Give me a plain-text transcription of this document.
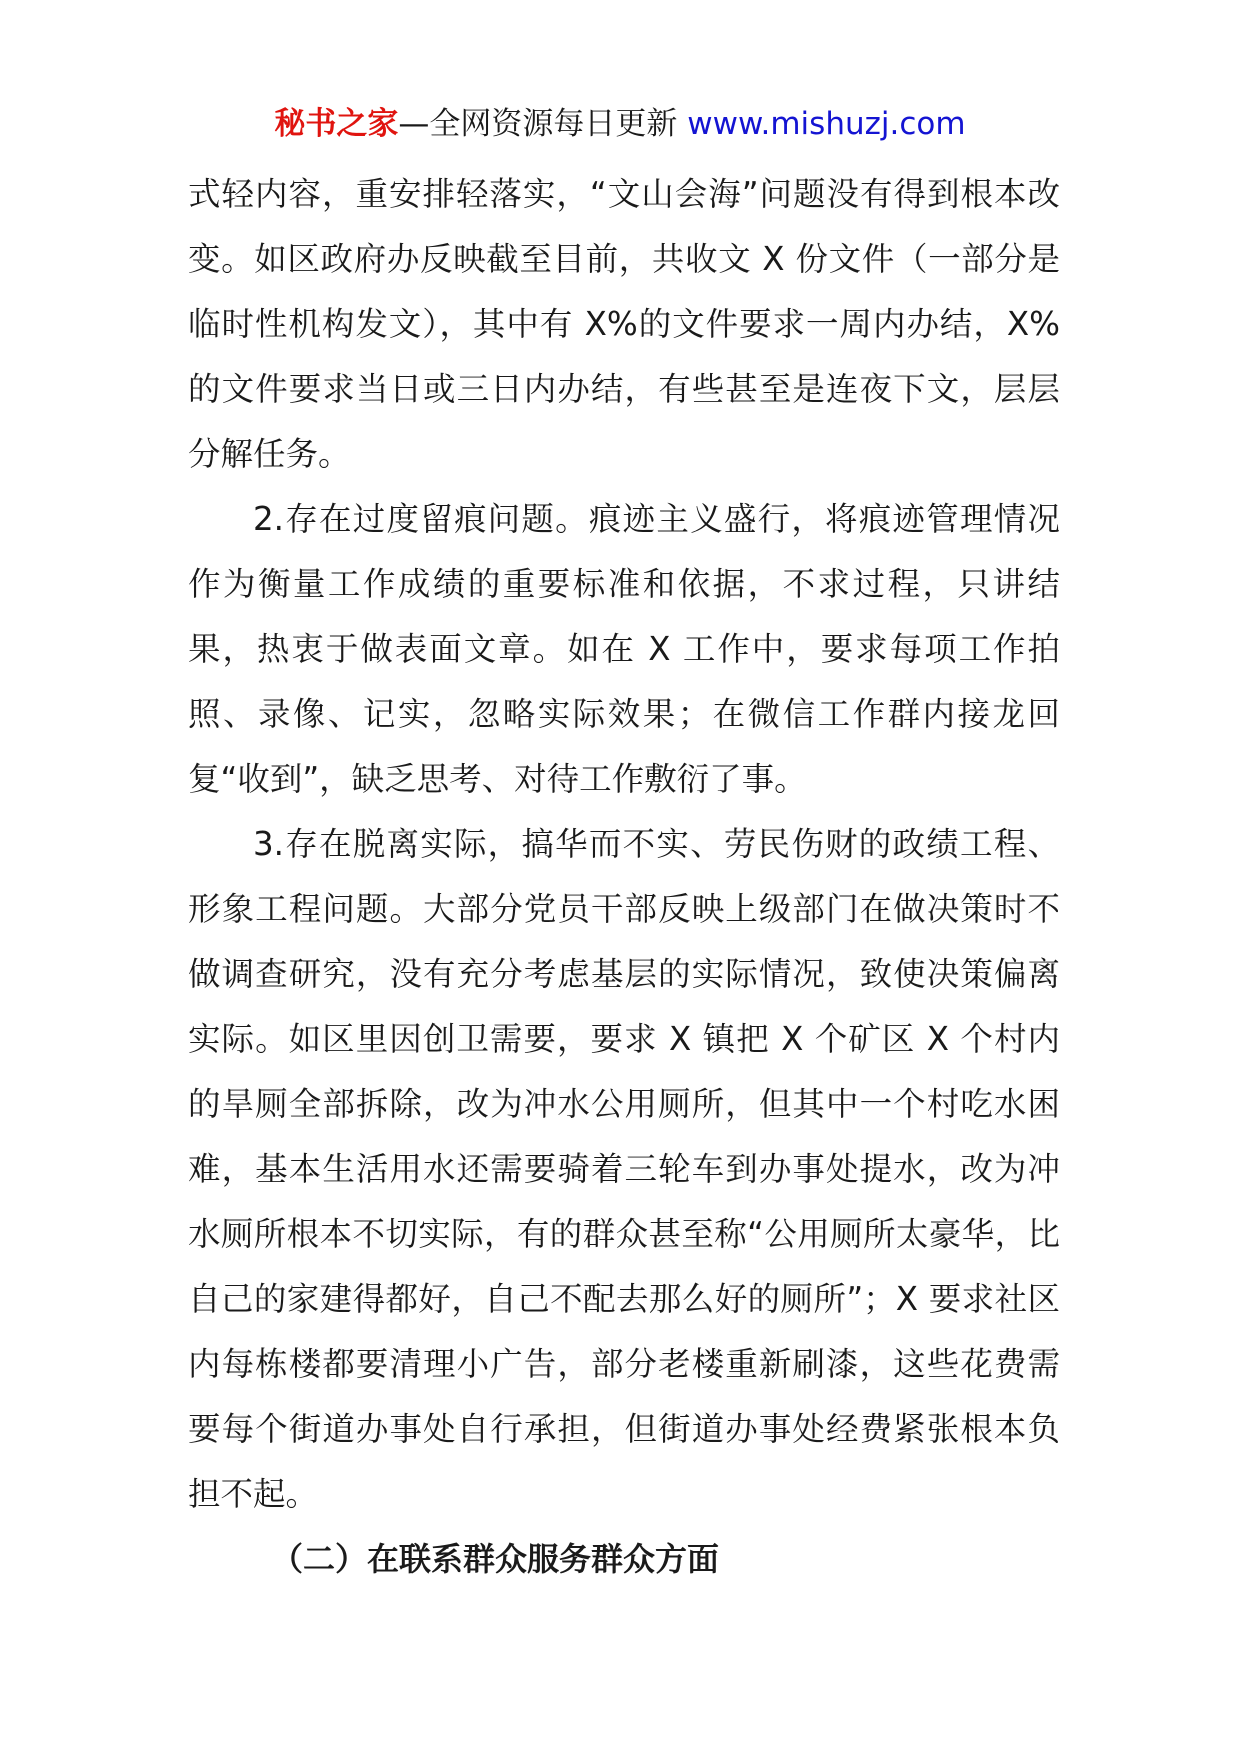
秘书之家—全网资源每日更新 www.mishuzj.com

式轻内容，重安排轻落实，“文山会海”问题没有得到根本改变。如区政府办反映截至目前，共收文 X 份文件（一部分是临时性机构发文），其中有 X%的文件要求一周内办结，X%的文件要求当日或三日内办结，有些甚至是连夜下文，层层分解任务。

2.存在过度留痕问题。痕迹主义盛行，将痕迹管理情况作为衡量工作成绩的重要标准和依据，不求过程，只讲结果，热衷于做表面文章。如在 X 工作中，要求每项工作拍照、录像、记实，忽略实际效果；在微信工作群内接龙回复“收到”，缺乏思考、对待工作敷衍了事。

3.存在脱离实际，搞华而不实、劳民伤财的政绩工程、形象工程问题。大部分党员干部反映上级部门在做决策时不做调查研究，没有充分考虑基层的实际情况，致使决策偏离实际。如区里因创卫需要，要求 X 镇把 X 个矿区 X 个村内的旱厕全部拆除，改为冲水公用厕所，但其中一个村吃水困难，基本生活用水还需要骑着三轮车到办事处提水，改为冲水厕所根本不切实际，有的群众甚至称“公用厕所太豪华，比自己的家建得都好，自己不配去那么好的厕所”；X 要求社区内每栋楼都要清理小广告，部分老楼重新刷漆，这些花费需要每个街道办事处自行承担，但街道办事处经费紧张根本负担不起。

（二）在联系群众服务群众方面
